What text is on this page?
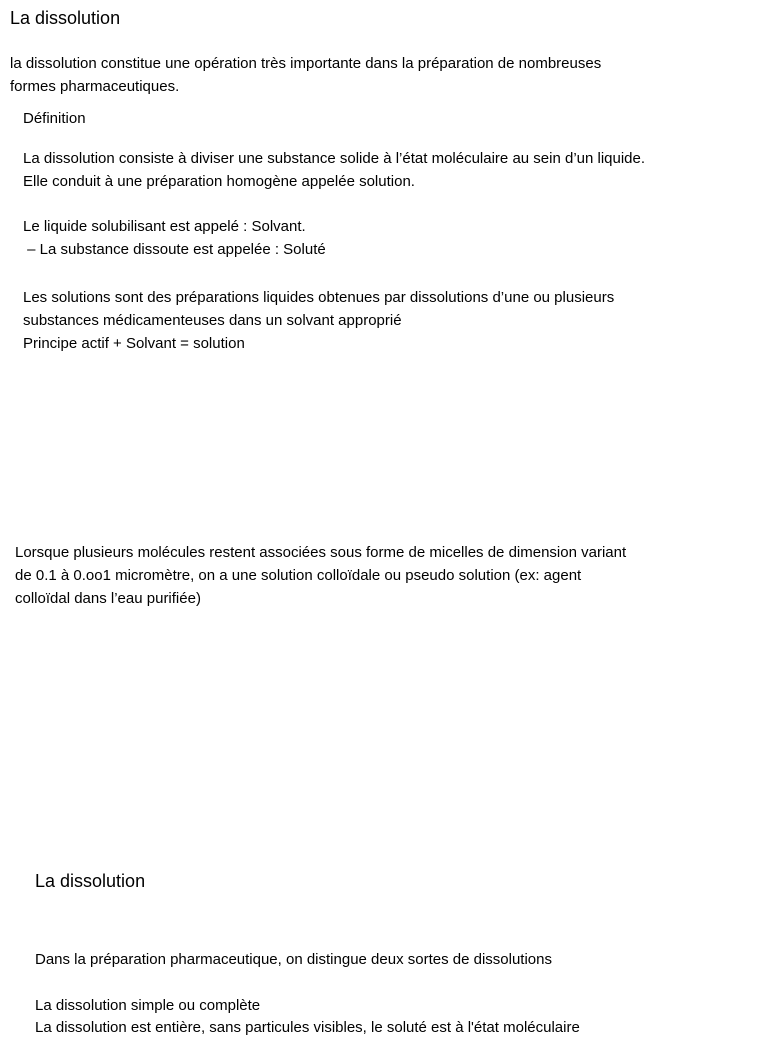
La dissolution
la dissolution constitue une opération très importante dans la préparation de nombreuses
formes pharmaceutiques.
Définition
La dissolution consiste à diviser une substance solide à l’état moléculaire au sein d’un liquide.
Elle conduit à une préparation homogène appelée solution.
Le liquide solubilisant est appelé : Solvant.
– La substance dissoute est appelée : Soluté
Les solutions sont des préparations liquides obtenues par dissolutions d’une ou plusieurs
substances médicamenteuses dans un solvant approprié
Principe actif + Solvant = solution
Lorsque plusieurs molécules restent associées sous forme de micelles de dimension variant
de 0.1 à 0.oo1 micromètre, on a une solution colloïdale ou pseudo solution (ex: agent
colloïdal dans l’eau purifiée)
La dissolution
Dans la préparation pharmaceutique, on distingue deux sortes de dissolutions
La dissolution simple ou complète
La dissolution est entière, sans particules visibles, le soluté est à l'état moléculaire
